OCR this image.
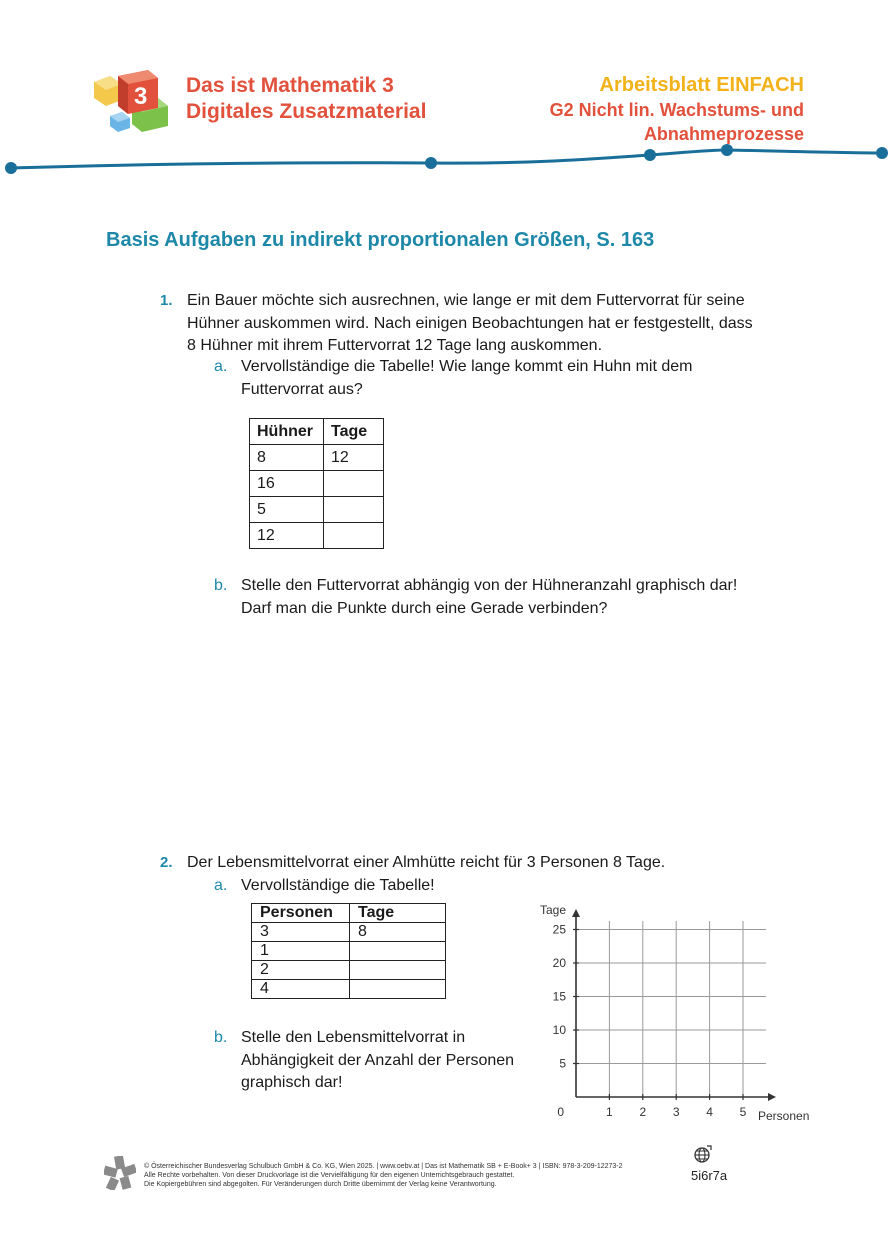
3 Das ist Mathematik 3
Digitales Zusatzmaterial
Arbeitsblatt EINFACH
G2 Nicht lin. Wachstums- und
Abnahmeprozesse
Basis Aufgaben zu indirekt proportionalen Größen, S. 163
1. Ein Bauer möchte sich ausrechnen, wie lange er mit dem Futtervorrat für seine
Hühner auskommen wird. Nach einigen Beobachtungen hat er festgestellt, dass
8 Hühner mit ihrem Futtervorrat 12 Tage lang auskommen.
a. Vervollständige die Tabelle! Wie lange kommt ein Huhn mit dem
Futtervorrat aus?
Hühner	Tage
8	12
16	
5	
12	
b. Stelle den Futtervorrat abhängig von der Hühneranzahl graphisch dar!
Darf man die Punkte durch eine Gerade verbinden?
2. Der Lebensmittelvorrat einer Almhütte reicht für 3 Personen 8 Tage.
a. Vervollständige die Tabelle!
Personen	Tage
3	8
1	
2	
4	
b. Stelle den Lebensmittelvorrat in
Abhängigkeit der Anzahl der Personen
graphisch dar!
1 2 3 4 5
5
10
15
20
25
0
Tage
Personen
© Österreichischer Bundesverlag Schulbuch GmbH & Co. KG, Wien 2025. | www.oebv.at | Das ist Mathematik SB + E-Book+ 3 | ISBN: 978-3-209-12273-2
Alle Rechte vorbehalten. Von dieser Druckvorlage ist die Vervielfältigung für den eigenen Unterrichtsgebrauch gestattet.
Die Kopiergebühren sind abgegolten. Für Veränderungen durch Dritte übernimmt der Verlag keine Verantwortung.
5i6r7a
